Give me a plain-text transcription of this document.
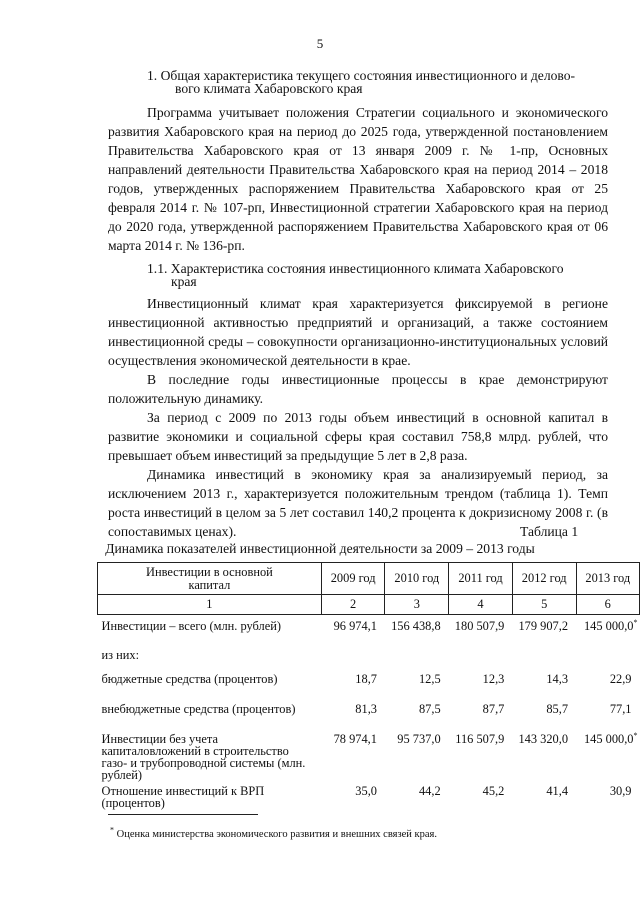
5
1. Общая характеристика текущего состояния инвестиционного и делово-
вого климата Хабаровского края

Программа учитывает положения Стратегии социального и экономического развития Хабаровского края на период до 2025 года, утвержденной постановлением Правительства Хабаровского края от 13 января 2009 г. № 1-пр, Основных направлений деятельности Правительства Хабаровского края на период 2014 – 2018 годов, утвержденных распоряжением Правительства Хабаровского края от 25 февраля 2014 г. № 107-рп, Инвестиционной стратегии Хабаровского края на период до 2020 года, утвержденной распоряжением Правительства Хабаровского края от 06 марта 2014 г. № 136-рп.

1.1. Характеристика состояния инвестиционного климата Хабаровского
края

Инвестиционный климат края характеризуется фиксируемой в регионе инвестиционной активностью предприятий и организаций, а также состоянием инвестиционной среды – совокупности организационно-институциональных условий осуществления экономической деятельности в крае.

В последние годы инвестиционные процессы в крае демонстрируют положительную динамику.

За период с 2009 по 2013 годы объем инвестиций в основной капитал в развитие экономики и социальной сферы края составил 758,8 млрд. рублей, что превышает объем инвестиций за предыдущие 5 лет в 2,8 раза.

Динамика инвестиций в экономику края за анализируемый период, за исключением 2013 г., характеризуется положительным трендом (таблица 1). Темп роста инвестиций в целом за 5 лет составил 140,2 процента к докризисному 2008 г. (в сопоставимых ценах).	Таблица 1
Динамика показателей инвестиционной деятельности за 2009 – 2013 годы
Инвестиции в основной капитал	2009 год	2010 год	2011 год	2012 год	2013 год
1	2	3	4	5	6
Инвестиции – всего (млн. рублей)	96 974,1	156 438,8	180 507,9	179 907,2	145 000,0*
из них:					
бюджетные средства (процентов)	18,7	12,5	12,3	14,3	22,9
внебюджетные средства (процентов)	81,3	87,5	87,7	85,7	77,1
Инвестиции без учета капиталовложений в строительство газо- и трубопроводной системы (млн. рублей)	78 974,1	95 737,0	116 507,9	143 320,0	145 000,0*
Отношение инвестиций к ВРП (процентов)	35,0	44,2	45,2	41,4	30,9
* Оценка министерства экономического развития и внешних связей края.
